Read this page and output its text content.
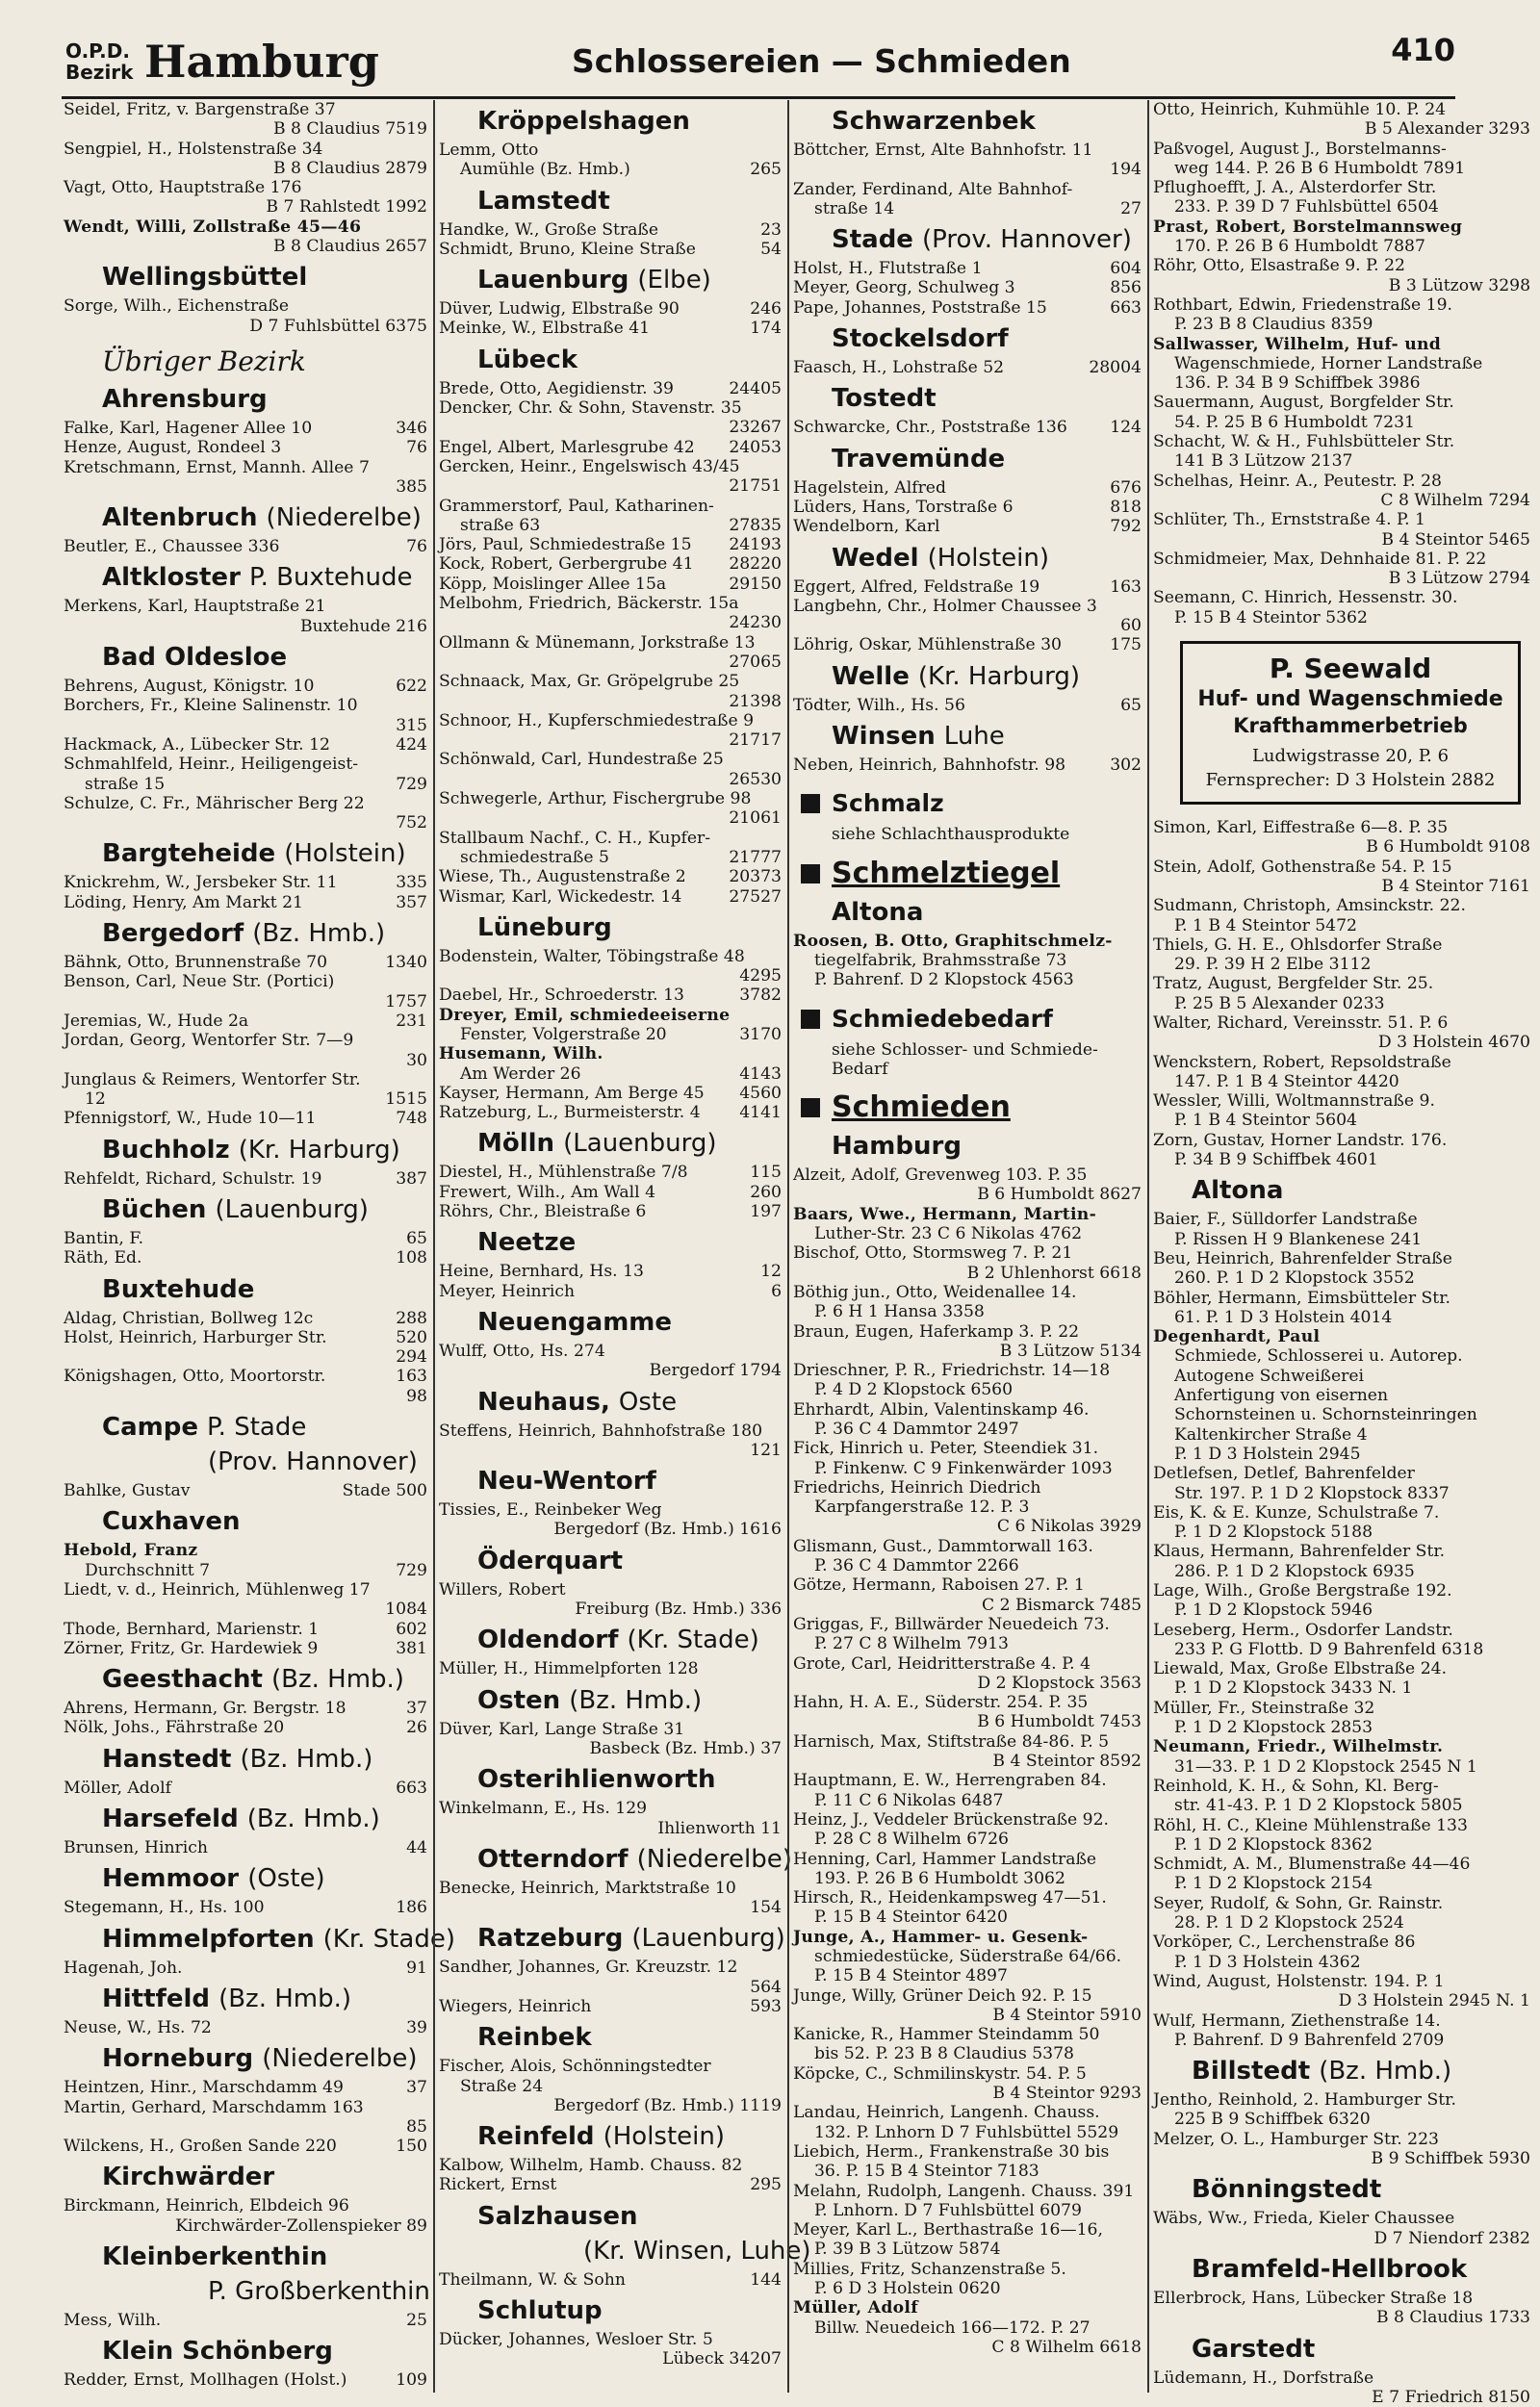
O.P.D.
Bezirk Hamburg	Schlossereien — Schmieden	410
Seidel, Fritz, v. Bargenstraße 37
B 8 Claudius 7519
Sengpiel, H., Holstenstraße 34
B 8 Claudius 2879
Vagt, Otto, Hauptstraße 176
B 7 Rahlstedt 1992
Wendt, Willi, Zollstraße 45—46
B 8 Claudius 2657
Wellingsbüttel
Sorge, Wilh., Eichenstraße
D 7 Fuhlsbüttel 6375
Übriger Bezirk
Ahrensburg
Falke, Karl, Hagener Allee 10	346
Henze, August, Rondeel 3	76
Kretschmann, Ernst, Mannh. Allee 7
385
Altenbruch (Niederelbe)
Beutler, E., Chaussee 336	76
Altkloster P. Buxtehude
Merkens, Karl, Hauptstraße 21
Buxtehude 216
Bad Oldesloe
Behrens, August, Königstr. 10	622
Borchers, Fr., Kleine Salinenstr. 10
315
Hackmack, A., Lübecker Str. 12	424
Schmahlfeld, Heinr., Heiligengeist-
straße 15	729
Schulze, C. Fr., Mährischer Berg 22
752
Bargteheide (Holstein)
Knickrehm, W., Jersbeker Str. 11	335
Löding, Henry, Am Markt 21	357
Bergedorf (Bz. Hmb.)
Bähnk, Otto, Brunnenstraße 70	1340
Benson, Carl, Neue Str. (Portici)
1757
Jeremias, W., Hude 2a	231
Jordan, Georg, Wentorfer Str. 7—9
30
Junglaus & Reimers, Wentorfer Str.
12	1515
Pfennigstorf, W., Hude 10—11	748
Buchholz (Kr. Harburg)
Rehfeldt, Richard, Schulstr. 19	387
Büchen (Lauenburg)
Bantin, F.	65
Räth, Ed.	108
Buxtehude
Aldag, Christian, Bollweg 12c	288
Holst, Heinrich, Harburger Str.	520
294
Königshagen, Otto, Moortorstr.	163
98
Campe P. Stade
(Prov. Hannover)
Bahlke, Gustav	Stade 500
Cuxhaven
Hebold, Franz
Durchschnitt 7	729
Liedt, v. d., Heinrich, Mühlenweg 17
1084
Thode, Bernhard, Marienstr. 1	602
Zörner, Fritz, Gr. Hardewiek 9	381
Geesthacht (Bz. Hmb.)
Ahrens, Hermann, Gr. Bergstr. 18	37
Nölk, Johs., Fährstraße 20	26
Hanstedt (Bz. Hmb.)
Möller, Adolf	663
Harsefeld (Bz. Hmb.)
Brunsen, Hinrich	44
Hemmoor (Oste)
Stegemann, H., Hs. 100	186
Himmelpforten (Kr. Stade)
Hagenah, Joh.	91
Hittfeld (Bz. Hmb.)
Neuse, W., Hs. 72	39
Horneburg (Niederelbe)
Heintzen, Hinr., Marschdamm 49	37
Martin, Gerhard, Marschdamm 163
85
Wilckens, H., Großen Sande 220	150
Kirchwärder
Birckmann, Heinrich, Elbdeich 96
Kirchwärder-Zollenspieker 89
Kleinberkenthin
P. Großberkenthin
Mess, Wilh.	25
Klein Schönberg
Redder, Ernst, Mollhagen (Holst.)	109
Kröppelshagen
Lemm, Otto
Aumühle (Bz. Hmb.)	265
Lamstedt
Handke, W., Große Straße	23
Schmidt, Bruno, Kleine Straße	54
Lauenburg (Elbe)
Düver, Ludwig, Elbstraße 90	246
Meinke, W., Elbstraße 41	174
Lübeck
Brede, Otto, Aegidienstr. 39	24405
Dencker, Chr. & Sohn, Stavenstr. 35
23267
Engel, Albert, Marlesgrube 42	24053
Gercken, Heinr., Engelswisch 43/45
21751
Grammerstorf, Paul, Katharinen-
straße 63	27835
Jörs, Paul, Schmiedestraße 15	24193
Kock, Robert, Gerbergrube 41	28220
Köpp, Moislinger Allee 15a	29150
Melbohm, Friedrich, Bäckerstr. 15a
24230
Ollmann & Münemann, Jorkstraße 13
27065
Schnaack, Max, Gr. Gröpelgrube 25
21398
Schnoor, H., Kupferschmiedestraße 9
21717
Schönwald, Carl, Hundestraße 25
26530
Schwegerle, Arthur, Fischergrube 98
21061
Stallbaum Nachf., C. H., Kupfer-
schmiedestraße 5	21777
Wiese, Th., Augustenstraße 2	20373
Wismar, Karl, Wickedestr. 14	27527
Lüneburg
Bodenstein, Walter, Töbingstraße 48
4295
Daebel, Hr., Schroederstr. 13	3782
Dreyer, Emil, schmiedeeiserne
Fenster, Volgerstraße 20	3170
Husemann, Wilh.
Am Werder 26	4143
Kayser, Hermann, Am Berge 45	4560
Ratzeburg, L., Burmeisterstr. 4	4141
Mölln (Lauenburg)
Diestel, H., Mühlenstraße 7/8	115
Frewert, Wilh., Am Wall 4	260
Röhrs, Chr., Bleistraße 6	197
Neetze
Heine, Bernhard, Hs. 13	12
Meyer, Heinrich	6
Neuengamme
Wulff, Otto, Hs. 274
Bergedorf 1794
Neuhaus, Oste
Steffens, Heinrich, Bahnhofstraße 180
121
Neu-Wentorf
Tissies, E., Reinbeker Weg
Bergedorf (Bz. Hmb.) 1616
Öderquart
Willers, Robert
Freiburg (Bz. Hmb.) 336
Oldendorf (Kr. Stade)
Müller, H., Himmelpforten 128
Osten (Bz. Hmb.)
Düver, Karl, Lange Straße 31
Basbeck (Bz. Hmb.) 37
Osterihlienworth
Winkelmann, E., Hs. 129
Ihlienworth 11
Otterndorf (Niederelbe)
Benecke, Heinrich, Marktstraße 10
154
Ratzeburg (Lauenburg)
Sandher, Johannes, Gr. Kreuzstr. 12
564
Wiegers, Heinrich	593
Reinbek
Fischer, Alois, Schönningstedter
Straße 24
Bergedorf (Bz. Hmb.) 1119
Reinfeld (Holstein)
Kalbow, Wilhelm, Hamb. Chauss. 82
Rickert, Ernst	295
Salzhausen
(Kr. Winsen, Luhe)
Theilmann, W. & Sohn	144
Schlutup
Dücker, Johannes, Wesloer Str. 5
Lübeck 34207
Schwarzenbek
Böttcher, Ernst, Alte Bahnhofstr. 11
194
Zander, Ferdinand, Alte Bahnhof-
straße 14	27
Stade (Prov. Hannover)
Holst, H., Flutstraße 1	604
Meyer, Georg, Schulweg 3	856
Pape, Johannes, Poststraße 15	663
Stockelsdorf
Faasch, H., Lohstraße 52	28004
Tostedt
Schwarcke, Chr., Poststraße 136	124
Travemünde
Hagelstein, Alfred	676
Lüders, Hans, Torstraße 6	818
Wendelborn, Karl	792
Wedel (Holstein)
Eggert, Alfred, Feldstraße 19	163
Langbehn, Chr., Holmer Chaussee 3
60
Löhrig, Oskar, Mühlenstraße 30	175
Welle (Kr. Harburg)
Tödter, Wilh., Hs. 56	65
Winsen Luhe
Neben, Heinrich, Bahnhofstr. 98	302
Schmalz
siehe Schlachthausprodukte
Schmelztiegel
Altona
Roosen, B. Otto, Graphitschmelz-
tiegelfabrik, Brahmsstraße 73
P. Bahrenf. D 2 Klopstock 4563
Schmiedebedarf
siehe Schlosser- und Schmiede-
Bedarf
Schmieden
Hamburg
Alzeit, Adolf, Grevenweg 103. P. 35
B 6 Humboldt 8627
Baars, Wwe., Hermann, Martin-
Luther-Str. 23 C 6 Nikolas 4762
Bischof, Otto, Stormsweg 7. P. 21
B 2 Uhlenhorst 6618
Böthig jun., Otto, Weidenallee 14.
P. 6 H 1 Hansa 3358
Braun, Eugen, Haferkamp 3. P. 22
B 3 Lützow 5134
Drieschner, P. R., Friedrichstr. 14—18
P. 4 D 2 Klopstock 6560
Ehrhardt, Albin, Valentinskamp 46.
P. 36 C 4 Dammtor 2497
Fick, Hinrich u. Peter, Steendiek 31.
P. Finkenw. C 9 Finkenwärder 1093
Friedrichs, Heinrich Diedrich
Karpfangerstraße 12. P. 3
C 6 Nikolas 3929
Glismann, Gust., Dammtorwall 163.
P. 36 C 4 Dammtor 2266
Götze, Hermann, Raboisen 27. P. 1
C 2 Bismarck 7485
Griggas, F., Billwärder Neuedeich 73.
P. 27 C 8 Wilhelm 7913
Grote, Carl, Heidritterstraße 4. P. 4
D 2 Klopstock 3563
Hahn, H. A. E., Süderstr. 254. P. 35
B 6 Humboldt 7453
Harnisch, Max, Stiftstraße 84-86. P. 5
B 4 Steintor 8592
Hauptmann, E. W., Herrengraben 84.
P. 11 C 6 Nikolas 6487
Heinz, J., Veddeler Brückenstraße 92.
P. 28 C 8 Wilhelm 6726
Henning, Carl, Hammer Landstraße
193. P. 26 B 6 Humboldt 3062
Hirsch, R., Heidenkampsweg 47—51.
P. 15 B 4 Steintor 6420
Junge, A., Hammer- u. Gesenk-
schmiedestücke, Süderstraße 64/66.
P. 15 B 4 Steintor 4897
Junge, Willy, Grüner Deich 92. P. 15
B 4 Steintor 5910
Kanicke, R., Hammer Steindamm 50
bis 52. P. 23 B 8 Claudius 5378
Köpcke, C., Schmilinskystr. 54. P. 5
B 4 Steintor 9293
Landau, Heinrich, Langenh. Chauss.
132. P. Lnhorn D 7 Fuhlsbüttel 5529
Liebich, Herm., Frankenstraße 30 bis
36. P. 15 B 4 Steintor 7183
Melahn, Rudolph, Langenh. Chauss. 391
P. Lnhorn. D 7 Fuhlsbüttel 6079
Meyer, Karl L., Berthastraße 16—16,
P. 39 B 3 Lützow 5874
Millies, Fritz, Schanzenstraße 5.
P. 6 D 3 Holstein 0620
Müller, Adolf
Billw. Neuedeich 166—172. P. 27
C 8 Wilhelm 6618
Otto, Heinrich, Kuhmühle 10. P. 24
B 5 Alexander 3293
Paßvogel, August J., Borstelmanns-
weg 144. P. 26 B 6 Humboldt 7891
Pflughoefft, J. A., Alsterdorfer Str.
233. P. 39 D 7 Fuhlsbüttel 6504
Prast, Robert, Borstelmannsweg
170. P. 26 B 6 Humboldt 7887
Röhr, Otto, Elsastraße 9. P. 22
B 3 Lützow 3298
Rothbart, Edwin, Friedenstraße 19.
P. 23 B 8 Claudius 8359
Sallwasser, Wilhelm, Huf- und
Wagenschmiede, Horner Landstraße
136. P. 34 B 9 Schiffbek 3986
Sauermann, August, Borgfelder Str.
54. P. 25 B 6 Humboldt 7231
Schacht, W. & H., Fuhlsbütteler Str.
141 B 3 Lützow 2137
Schelhas, Heinr. A., Peutestr. P. 28
C 8 Wilhelm 7294
Schlüter, Th., Ernststraße 4. P. 1
B 4 Steintor 5465
Schmidmeier, Max, Dehnhaide 81. P. 22
B 3 Lützow 2794
Seemann, C. Hinrich, Hessenstr. 30.
P. 15 B 4 Steintor 5362
P. Seewald
Huf- und Wagenschmiede
Krafthammerbetrieb
Ludwigstrasse 20, P. 6
Fernsprecher: D 3 Holstein 2882
Simon, Karl, Eiffestraße 6—8. P. 35
B 6 Humboldt 9108
Stein, Adolf, Gothenstraße 54. P. 15
B 4 Steintor 7161
Sudmann, Christoph, Amsinckstr. 22.
P. 1 B 4 Steintor 5472
Thiels, G. H. E., Ohlsdorfer Straße
29. P. 39 H 2 Elbe 3112
Tratz, August, Bergfelder Str. 25.
P. 25 B 5 Alexander 0233
Walter, Richard, Vereinsstr. 51. P. 6
D 3 Holstein 4670
Wenckstern, Robert, Repsoldstraße
147. P. 1 B 4 Steintor 4420
Wessler, Willi, Woltmannstraße 9.
P. 1 B 4 Steintor 5604
Zorn, Gustav, Horner Landstr. 176.
P. 34 B 9 Schiffbek 4601
Altona
Baier, F., Sülldorfer Landstraße
P. Rissen H 9 Blankenese 241
Beu, Heinrich, Bahrenfelder Straße
260. P. 1 D 2 Klopstock 3552
Böhler, Hermann, Eimsbütteler Str.
61. P. 1 D 3 Holstein 4014
Degenhardt, Paul
Schmiede, Schlosserei u. Autorep.
Autogene Schweißerei
Anfertigung von eisernen
Schornsteinen u. Schornsteinringen
Kaltenkircher Straße 4
P. 1 D 3 Holstein 2945
Detlefsen, Detlef, Bahrenfelder
Str. 197. P. 1 D 2 Klopstock 8337
Eis, K. & E. Kunze, Schulstraße 7.
P. 1 D 2 Klopstock 5188
Klaus, Hermann, Bahrenfelder Str.
286. P. 1 D 2 Klopstock 6935
Lage, Wilh., Große Bergstraße 192.
P. 1 D 2 Klopstock 5946
Leseberg, Herm., Osdorfer Landstr.
233 P. G Flottb. D 9 Bahrenfeld 6318
Liewald, Max, Große Elbstraße 24.
P. 1 D 2 Klopstock 3433 N. 1
Müller, Fr., Steinstraße 32
P. 1 D 2 Klopstock 2853
Neumann, Friedr., Wilhelmstr.
31—33. P. 1 D 2 Klopstock 2545 N 1
Reinhold, K. H., & Sohn, Kl. Berg-
str. 41-43. P. 1 D 2 Klopstock 5805
Röhl, H. C., Kleine Mühlenstraße 133
P. 1 D 2 Klopstock 8362
Schmidt, A. M., Blumenstraße 44—46
P. 1 D 2 Klopstock 2154
Seyer, Rudolf, & Sohn, Gr. Rainstr.
28. P. 1 D 2 Klopstock 2524
Vorköper, C., Lerchenstraße 86
P. 1 D 3 Holstein 4362
Wind, August, Holstenstr. 194. P. 1
D 3 Holstein 2945 N. 1
Wulf, Hermann, Ziethenstraße 14.
P. Bahrenf. D 9 Bahrenfeld 2709
Billstedt (Bz. Hmb.)
Jentho, Reinhold, 2. Hamburger Str.
225 B 9 Schiffbek 6320
Melzer, O. L., Hamburger Str. 223
B 9 Schiffbek 5930
Bönningstedt
Wäbs, Ww., Frieda, Kieler Chaussee
D 7 Niendorf 2382
Bramfeld-Hellbrook
Ellerbrock, Hans, Lübecker Straße 18
B 8 Claudius 1733
Garstedt
Lüdemann, H., Dorfstraße
E 7 Friedrich 8150
